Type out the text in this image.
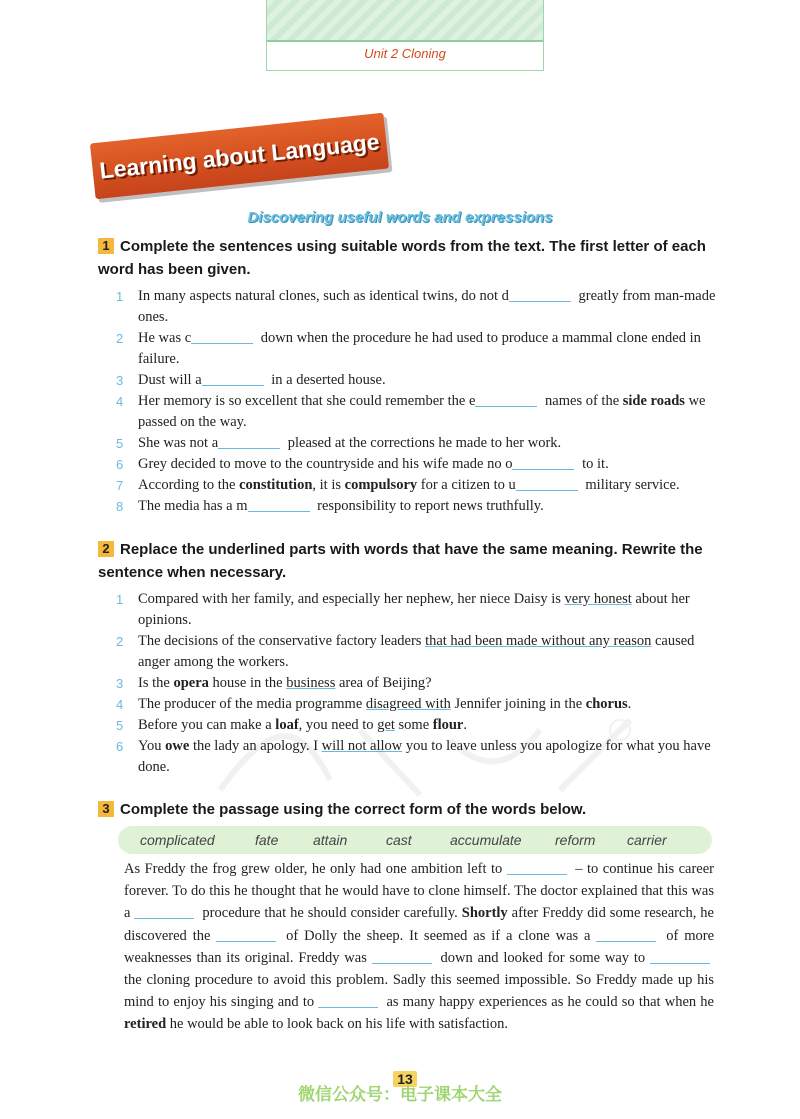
Unit 2 Cloning
Learning about Language
Discovering useful words and expressions
1 Complete the sentences using suitable words from the text. The first letter of each word has been given.

1 In many aspects natural clones, such as identical twins, do not d	greatly from man-made ones.

2 He was c	down when the procedure he had used to produce a mammal clone ended in failure.

3 Dust will a	in a deserted house.

4 Her memory is so excellent that she could remember the e	names of the side roads we passed on the way.

5 She was not a	pleased at the corrections he made to her work.

6 Grey decided to move to the countryside and his wife made no o	to it.

7 According to the constitution, it is compulsory for a citizen to u	military service.

8 The media has a m	responsibility to report news truthfully.

2 Replace the underlined parts with words that have the same meaning. Rewrite the sentence when necessary.

1 Compared with her family, and especially her nephew, her niece Daisy is very honest about her opinions.

2 The decisions of the conservative factory leaders that had been made without any reason caused anger among the workers.

3 Is the opera house in the business area of Beijing?

4 The producer of the media programme disagreed with Jennifer joining in the chorus.

5 Before you can make a loaf, you need to get some flour.

6 You owe the lady an apology. I will not allow you to leave unless you apologize for what you have done.

3 Complete the passage using the correct form of the words below.
complicated	fate attain	cast	accumulate reform carrier
As Freddy the frog grew older, he only had one ambition left to	– to continue his career forever. To do this he thought that he would have to clone himself. The doctor explained that this was a	procedure that he should consider carefully. Shortly after Freddy did some research, he discovered the	of Dolly the sheep. It seemed as if a clone was a	of more weaknesses than its original. Freddy was	down and looked for some way to  the cloning procedure to avoid this problem. Sadly this seemed impossible. So Freddy made up his mind to enjoy his singing and to	as many happy experiences as he could so that when he retired he would be able to look back on his life with satisfaction.
13
微信公众号：电子课本大全
